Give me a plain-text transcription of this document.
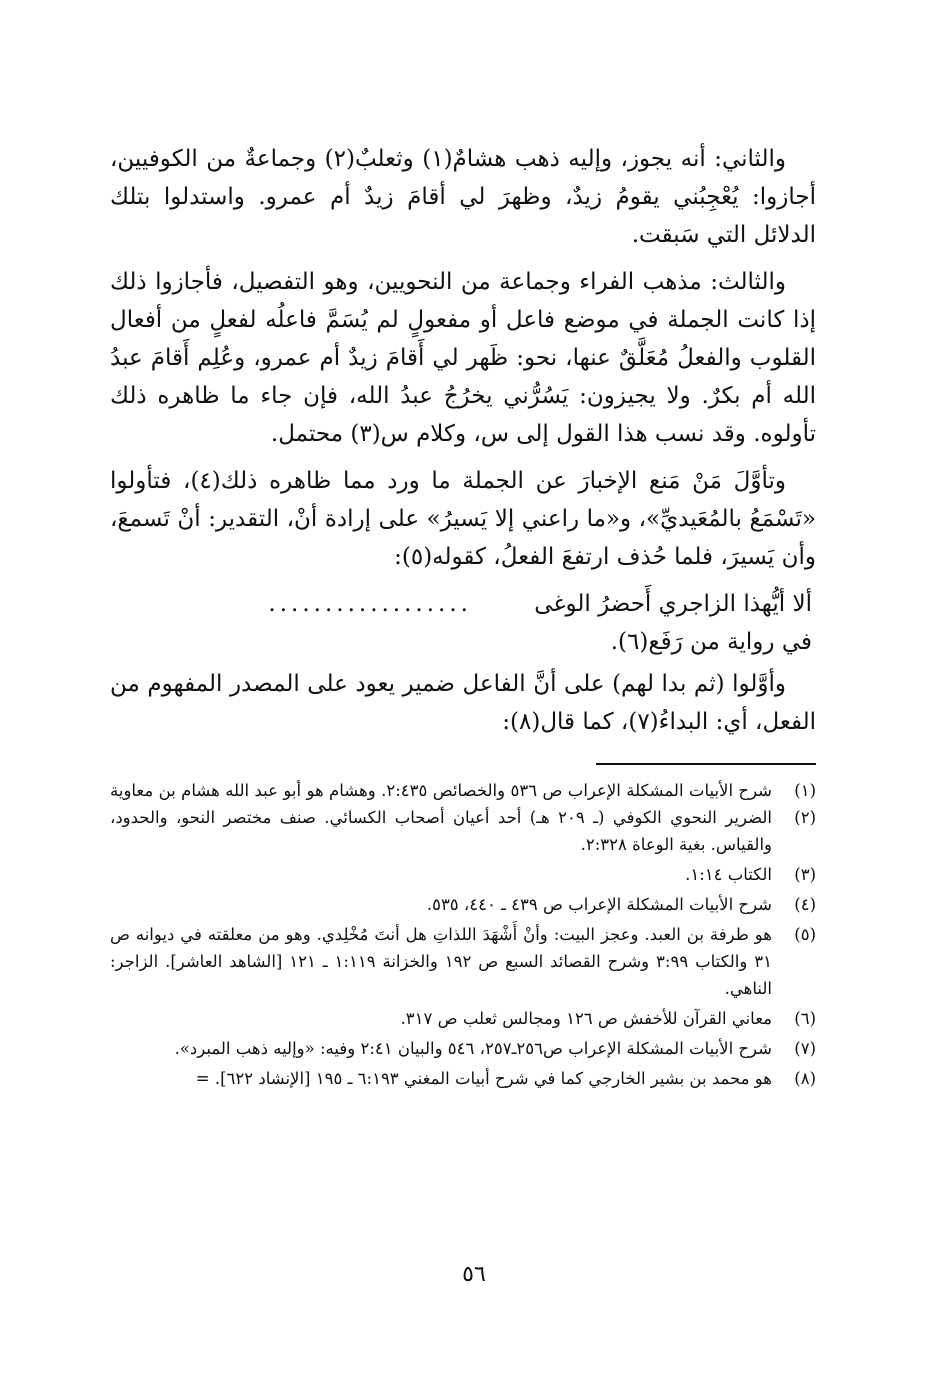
والثاني: أنه يجوز، وإليه ذهب هشامٌ(١) وثعلبٌ(٢) وجماعةٌ من الكوفيين، أجازوا: يُعْجِبُني يقومُ زيدٌ، وظهرَ لي أقامَ زيدٌ أم عمرو. واستدلوا بتلك الدلائل التي سَبقت.

والثالث: مذهب الفراء وجماعة من النحويين، وهو التفصيل، فأجازوا ذلك إذا كانت الجملة في موضع فاعل أو مفعولٍ لم يُسَمَّ فاعلُه لفعلٍ من أفعال القلوب والفعلُ مُعَلَّقٌ عنها، نحو: ظَهر لي أَقامَ زيدٌ أم عمرو، وعُلِم أَقامَ عبدُ الله أم بكرٌ. ولا يجيزون: يَسُرُّني يخرُجُ عبدُ الله، فإن جاء ما ظاهره ذلك تأولوه. وقد نسب هذا القول إلى س، وكلام س(٣) محتمل.

وتأوَّلَ مَنْ مَنع الإخبارَ عن الجملة ما ورد مما ظاهره ذلك(٤)، فتأولوا «تَسْمَعُ بالمُعَيديِّ»، و«ما راعني إلا يَسيرُ» على إرادة أنْ، التقدير: أنْ تَسمعَ، وأن يَسيرَ، فلما حُذف ارتفعَ الفعلُ، كقوله(٥):

ألا أيُّهذا الزاجري أَحضرُ الوغى
..................
في رواية من رَفَع(٦).

وأوَّلوا (ثم بدا لهم) على أنَّ الفاعل ضمير يعود على المصدر المفهوم من الفعل، أي: البداءُ(٧)، كما قال(٨):

(١) (٢)
شرح الأبيات المشكلة الإعراب ص ٥٣٦ والخصائص ٢:٤٣٥. وهشام هو أبو عبد الله هشام بن معاوية الضرير النحوي الكوفي (ـ ٢٠٩ هـ) أحد أعيان أصحاب الكسائي. صنف مختصر النحو، والحدود، والقياس. بغية الوعاة ٢:٣٢٨.
(٣)
الكتاب ١:١٤.
(٤)
شرح الأبيات المشكلة الإعراب ص ٤٣٩ ـ ٤٤٠، ٥٣٥.
(٥)
هو طرفة بن العبد. وعجز البيت: وأنْ أَشْهَدَ اللذاتِ هل أنتَ مُخْلِدي. وهو من معلقته في ديوانه ص ٣١ والكتاب ٣:٩٩ وشرح القصائد السبع ص ١٩٢ والخزانة ١:١١٩ ـ ١٢١ [الشاهد العاشر]. الزاجر: الناهي.
(٦)
معاني القرآن للأخفش ص ١٢٦ ومجالس ثعلب ص ٣١٧.
(٧)
شرح الأبيات المشكلة الإعراب ص٢٥٦ـ٢٥٧، ٥٤٦ والبيان ٢:٤١ وفيه: «وإليه ذهب المبرد».
(٨)
هو محمد بن بشير الخارجي كما في شرح أبيات المغني ٦:١٩٣ ـ ١٩٥ [الإنشاد ٦٢٢]. =
٥٦
